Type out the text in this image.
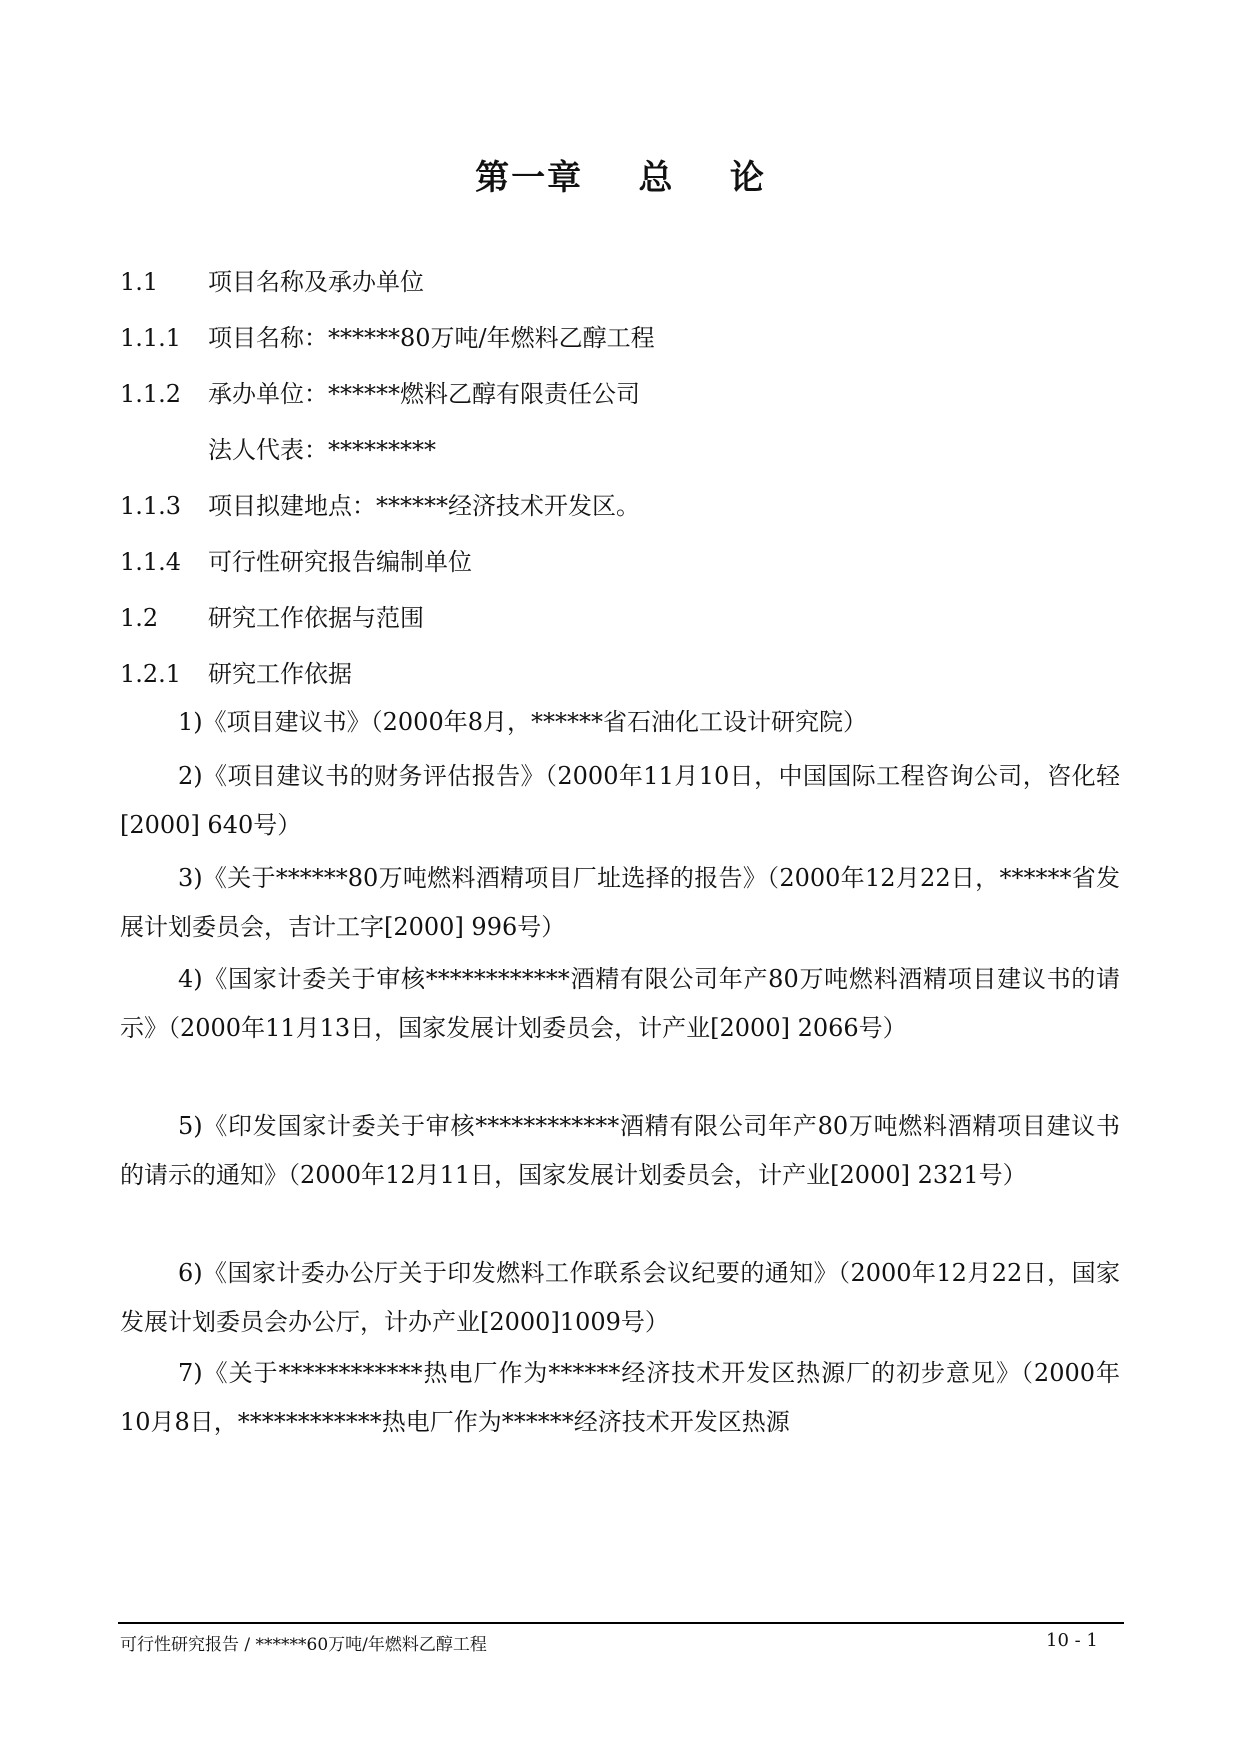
第一章    总    论
1.1 项目名称及承办单位
1.1.1 项目名称：******80万吨/年燃料乙醇工程
1.1.2 承办单位：******燃料乙醇有限责任公司
法人代表：*********
1.1.3 项目拟建地点：******经济技术开发区。
1.1.4 可行性研究报告编制单位
1.2 研究工作依据与范围
1.2.1 研究工作依据
1)《项目建议书》（2000年8月，******省石油化工设计研究院）
2)《项目建议书的财务评估报告》（2000年11月10日，中国国际工程咨询公司，咨化轻[2000] 640号）
3)《关于******80万吨燃料酒精项目厂址选择的报告》（2000年12月22日，******省发展计划委员会，吉计工字[2000] 996号）
4)《国家计委关于审核************酒精有限公司年产80万吨燃料酒精项目建议书的请示》（2000年11月13日，国家发展计划委员会，计产业[2000] 2066号）
5)《印发国家计委关于审核************酒精有限公司年产80万吨燃料酒精项目建议书的请示的通知》（2000年12月11日，国家发展计划委员会，计产业[2000] 2321号）
6)《国家计委办公厅关于印发燃料工作联系会议纪要的通知》（2000年12月22日，国家发展计划委员会办公厅，计办产业[2000]1009号）
7)《关于************热电厂作为******经济技术开发区热源厂的初步意见》（2000年10月8日，************热电厂作为******经济技术开发区热源
可行性研究报告 / ******60万吨/年燃料乙醇工程	10 - 1
